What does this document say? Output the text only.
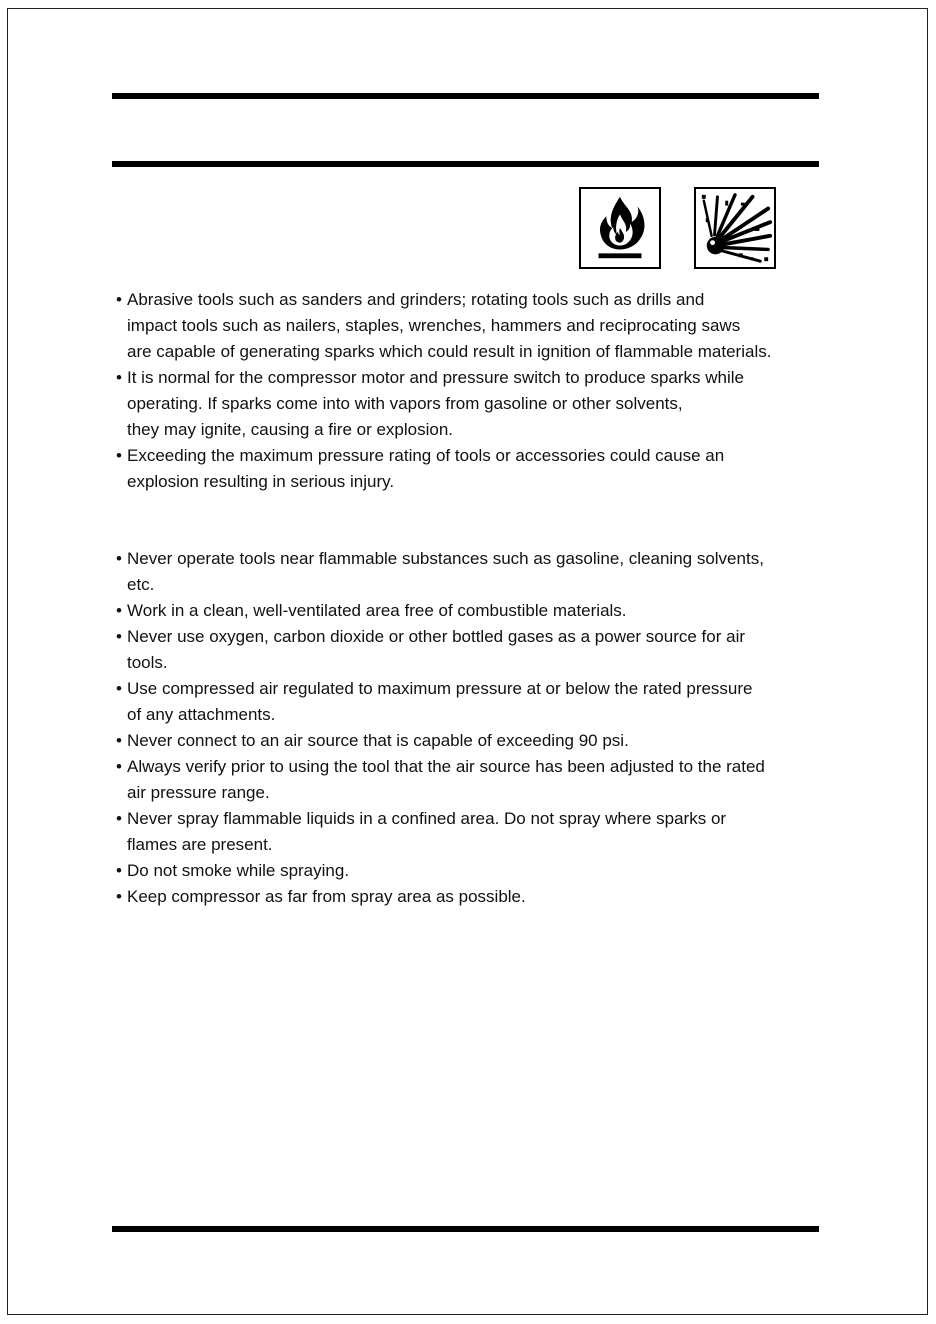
• Abrasive tools such as sanders and grinders; rotating tools such as drills and
impact tools such as nailers, staples, wrenches, hammers and reciprocating saws
are capable of generating sparks which could result in ignition of flammable materials.
• It is normal for the compressor motor and pressure switch to produce sparks while
operating. If sparks come into with vapors from gasoline or other solvents,
they may ignite, causing a fire or explosion.
• Exceeding the maximum pressure rating of tools or accessories could cause an
explosion resulting in serious injury.
• Never operate tools near flammable substances such as gasoline, cleaning solvents,
etc.
• Work in a clean, well-ventilated area free of combustible materials.
• Never use oxygen, carbon dioxide or other bottled gases as a power source for air
tools.
• Use compressed air regulated to maximum pressure at or below the rated pressure
of any attachments.
• Never connect to an air source that is capable of exceeding 90 psi.
• Always verify prior to using the tool that the air source has been adjusted to the rated
air pressure range.
• Never spray flammable liquids in a confined area. Do not spray where sparks or
flames are present.
• Do not smoke while spraying.
• Keep compressor as far from spray area as possible.
